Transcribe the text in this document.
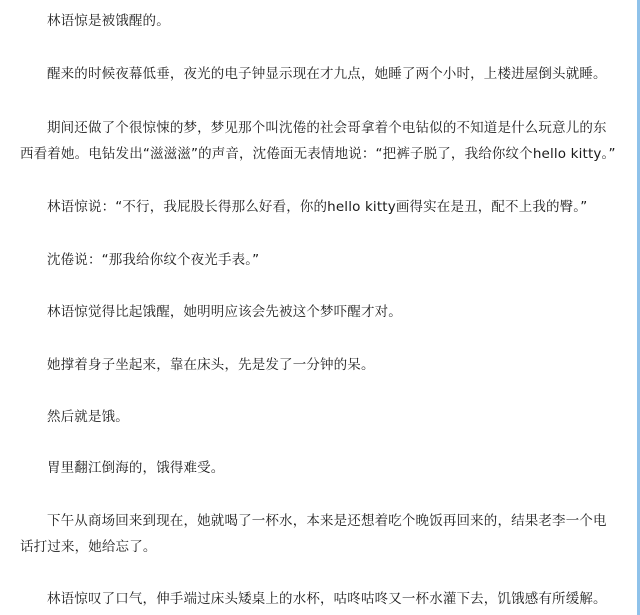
林语惊是被饿醒的。

醒来的时候夜幕低垂，夜光的电子钟显示现在才九点，她睡了两个小时，上楼进屋倒头就睡。

期间还做了个很惊悚的梦，梦见那个叫沈倦的社会哥拿着个电钻似的不知道是什么玩意儿的东西看着她。电钻发出“滋滋滋”的声音，沈倦面无表情地说：“把裤子脱了，我给你纹个hello kitty。”

林语惊说：“不行，我屁股长得那么好看，你的hello kitty画得实在是丑，配不上我的臀。”

沈倦说：“那我给你纹个夜光手表。”

林语惊觉得比起饿醒，她明明应该会先被这个梦吓醒才对。

她撑着身子坐起来，靠在床头，先是发了一分钟的呆。

然后就是饿。

胃里翻江倒海的，饿得难受。

下午从商场回来到现在，她就喝了一杯水，本来是还想着吃个晚饭再回来的，结果老李一个电话打过来，她给忘了。

林语惊叹了口气，伸手端过床头矮桌上的水杯，咕咚咕咚又一杯水灌下去，饥饿感有所缓解。
